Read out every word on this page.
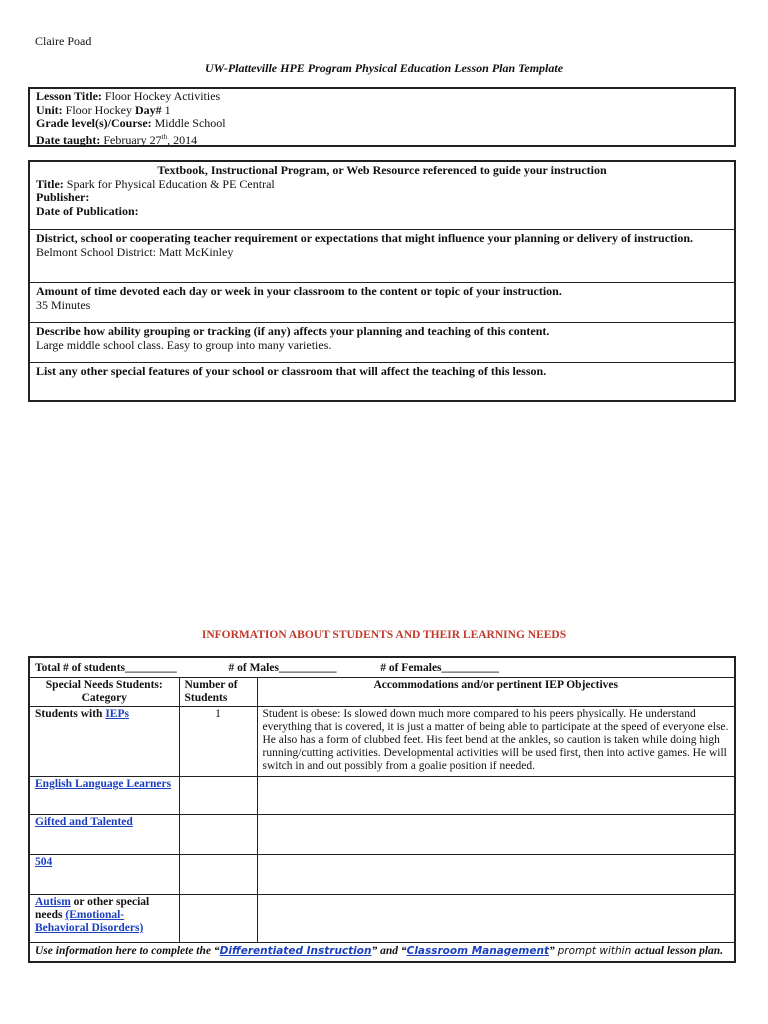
Claire Poad
UW-Platteville HPE Program Physical Education Lesson Plan Template
Lesson Title: Floor Hockey Activities
Unit: Floor Hockey Day# 1
Grade level(s)/Course: Middle School
Date taught: February 27th, 2014
Textbook, Instructional Program, or Web Resource referenced to guide your instruction
Title: Spark for Physical Education & PE Central
Publisher:
Date of Publication:
District, school or cooperating teacher requirement or expectations that might influence your planning or delivery of instruction.
Belmont School District: Matt McKinley
Amount of time devoted each day or week in your classroom to the content or topic of your instruction.
35 Minutes
Describe how ability grouping or tracking (if any) affects your planning and teaching of this content.
Large middle school class. Easy to group into many varieties.
List any other special features of your school or classroom that will affect the teaching of this lesson.
INFORMATION ABOUT STUDENTS AND THEIR LEARNING NEEDS
Total # of students_________ # of Males__________ # of Females__________		
Special Needs Students: Category	Number of Students	Accommodations and/or pertinent IEP Objectives
Students with IEPs	1	Student is obese: Is slowed down much more compared to his peers physically. He understand everything that is covered, it is just a matter of being able to participate at the speed of everyone else. He also has a form of clubbed feet. His feet bend at the ankles, so caution is taken while doing high running/cutting activities. Developmental activities will be used first, then into active games. He will switch in and out possibly from a goalie position if needed.
English Language Learners		
Gifted and Talented		
504		
Autism or other special needs (Emotional-Behavioral Disorders)		
Use information here to complete the “Differentiated Instruction” and “Classroom Management” prompt within actual lesson plan.		
